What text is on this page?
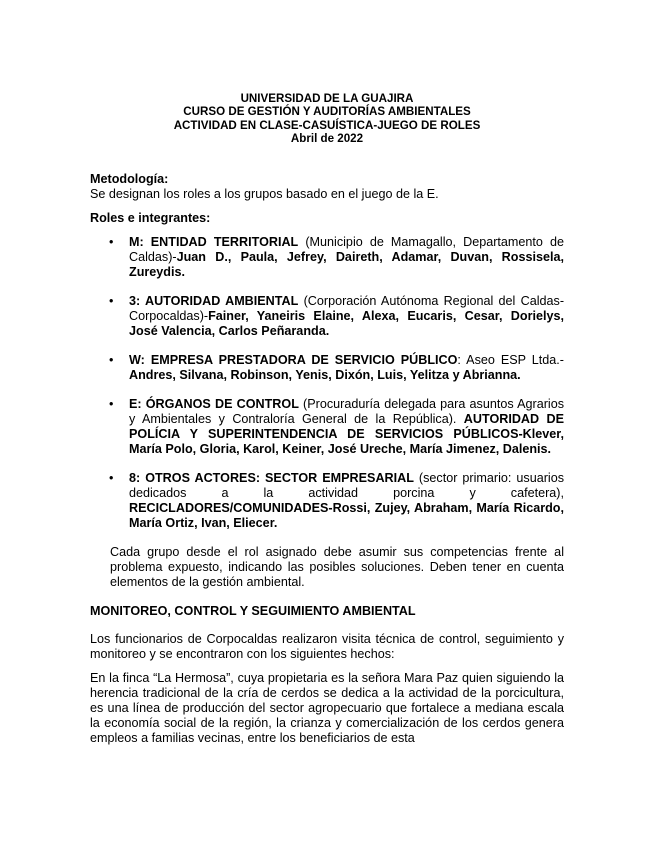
UNIVERSIDAD DE LA GUAJIRA
CURSO DE GESTIÓN Y AUDITORÍAS AMBIENTALES
ACTIVIDAD EN CLASE-CASUÍSTICA-JUEGO DE ROLES
Abril de 2022

Metodología:

Se designan los roles a los grupos basado en el juego de la E.

Roles e integrantes:

• M: ENTIDAD TERRITORIAL (Municipio de Mamagallo, Departamento de Caldas)-Juan D., Paula, Jefrey, Daireth, Adamar, Duvan, Rossisela, Zureydis.
• 3: AUTORIDAD AMBIENTAL (Corporación Autónoma Regional del Caldas-Corpocaldas)-Fainer, Yaneiris Elaine, Alexa, Eucaris, Cesar, Dorielys, José Valencia, Carlos Peñaranda.
• W: EMPRESA PRESTADORA DE SERVICIO PÚBLICO: Aseo ESP Ltda.-Andres, Silvana, Robinson, Yenis, Dixón, Luis, Yelitza y Abrianna.
• E: ÓRGANOS DE CONTROL (Procuraduría delegada para asuntos Agrarios y Ambientales y Contraloría General de la República). AUTORIDAD DE POLÍCIA Y SUPERINTENDENCIA DE SERVICIOS PÚBLICOS-Klever, María Polo, Gloria, Karol, Keiner, José Ureche, María Jimenez, Dalenis.
• 8: OTROS ACTORES: SECTOR EMPRESARIAL (sector primario: usuarios dedicados a la actividad porcina y cafetera), RECICLADORES/COMUNIDADES-Rossi, Zujey, Abraham, María Ricardo, María Ortiz, Ivan, Eliecer.

Cada grupo desde el rol asignado debe asumir sus competencias frente al problema expuesto, indicando las posibles soluciones. Deben tener en cuenta elementos de la gestión ambiental.

MONITOREO, CONTROL Y SEGUIMIENTO AMBIENTAL

Los funcionarios de Corpocaldas realizaron visita técnica de control, seguimiento y monitoreo y se encontraron con los siguientes hechos:

En la finca “La Hermosa”, cuya propietaria es la señora Mara Paz quien siguiendo la herencia tradicional de la cría de cerdos se dedica a la actividad de la porcicultura, es una línea de producción del sector agropecuario que fortalece a mediana escala la economía social de la región, la crianza y comercialización de los cerdos genera empleos a familias vecinas, entre los beneficiarios de esta
